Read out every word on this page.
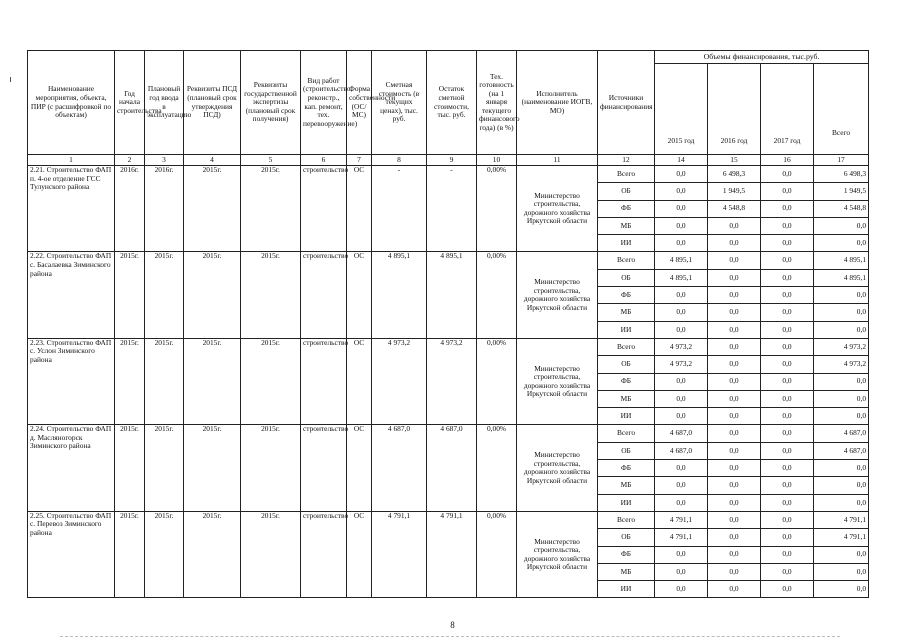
Наименование мероприятия, объекта, ПИР (с расшифровкой по объектам)	Год начала строительства	Плановый год ввода в эксплуатацию	Реквизиты ПСД (плановый срок утверждения ПСД)	Реквизиты государственной экспертизы (плановый срок получения)	Вид работ (строительство, реконстр., кап. ремонт, тех. перевооружение)	Форма собственности (ОС/МС)	Сметная стоимость (в текущих ценах), тыс. руб.	Остаток сметной стоимости, тыс. руб.	Тех. готовность (на 1 января текущего финансового года) (в %)	Исполнитель (наименование ИОГВ, МО)	Источники финансирования	Объемы финансирования, тыс.руб.			
												2015 год	2016 год	2017 год	Всего
1	2	3	4	5	6	7	8	9	10	11	12	14	15	16	17
2.21. Строительство ФАП п. 4-ое отделение ГСС Тулунского района	2016г.	2016г.	2015г.	2015г.	строительство	ОС	-	-	0,00%	Министерство строительства, дорожного хозяйства Иркутской области	Всего	0,0	6 498,3	0,0	6 498,3
											ОБ	0,0	1 949,5	0,0	1 949,5
											ФБ	0,0	4 548,8	0,0	4 548,8
											МБ	0,0	0,0	0,0	0,0
											ИИ	0,0	0,0	0,0	0,0
2.22. Строительство ФАП с. Басалаевка Зиминского района	2015г.	2015г.	2015г.	2015г.	строительство	ОС	4 895,1	4 895,1	0,00%	Министерство строительства, дорожного хозяйства Иркутской области	Всего	4 895,1	0,0	0,0	4 895,1
											ОБ	4 895,1	0,0	0,0	4 895,1
											ФБ	0,0	0,0	0,0	0,0
											МБ	0,0	0,0	0,0	0,0
											ИИ	0,0	0,0	0,0	0,0
2.23. Строительство ФАП с. Услон Зиминского района	2015г.	2015г.	2015г.	2015г.	строительство	ОС	4 973,2	4 973,2	0,00%	Министерство строительства, дорожного хозяйства Иркутской области	Всего	4 973,2	0,0	0,0	4 973,2
											ОБ	4 973,2	0,0	0,0	4 973,2
											ФБ	0,0	0,0	0,0	0,0
											МБ	0,0	0,0	0,0	0,0
											ИИ	0,0	0,0	0,0	0,0
2.24. Строительство ФАП д. Масляногорск Зиминского района	2015г.	2015г.	2015г.	2015г.	строительство	ОС	4 687,0	4 687,0	0,00%	Министерство строительства, дорожного хозяйства Иркутской области	Всего	4 687,0	0,0	0,0	4 687,0
											ОБ	4 687,0	0,0	0,0	4 687,0
											ФБ	0,0	0,0	0,0	0,0
											МБ	0,0	0,0	0,0	0,0
											ИИ	0,0	0,0	0,0	0,0
2.25. Строительство ФАП с. Перевоз Зиминского района	2015г.	2015г.	2015г.	2015г.	строительство	ОС	4 791,1	4 791,1	0,00%	Министерство строительства, дорожного хозяйства Иркутской области	Всего	4 791,1	0,0	0,0	4 791,1
											ОБ	4 791,1	0,0	0,0	4 791,1
											ФБ	0,0	0,0	0,0	0,0
											МБ	0,0	0,0	0,0	0,0
											ИИ	0,0	0,0	0,0	0,0
8
